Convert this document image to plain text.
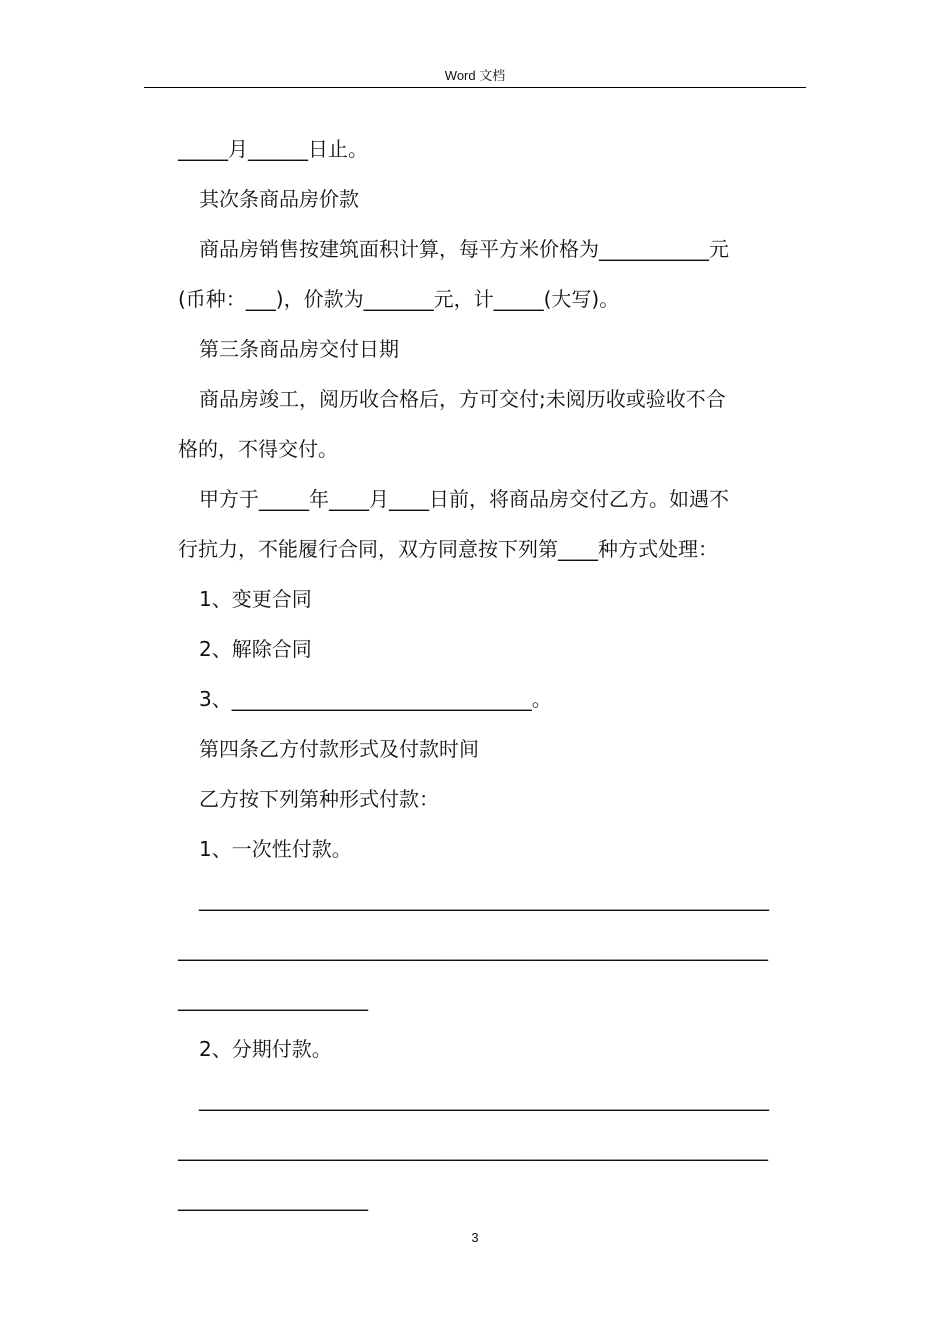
Word 文档
_____月______日止。
其次条商品房价款
商品房销售按建筑面积计算，每平方米价格为___________元
(币种：___)，价款为_______元，计_____(大写)。
第三条商品房交付日期
商品房竣工，阅历收合格后，方可交付;未阅历收或验收不合
格的，不得交付。
甲方于_____年____月____日前，将商品房交付乙方。如遇不
行抗力，不能履行合同，双方同意按下列第____种方式处理：
1、变更合同
2、解除合同
3、______________________________。
第四条乙方付款形式及付款时间
乙方按下列第种形式付款：
1、一次性付款。
_________________________________________________________
___________________________________________________________
___________________
2、分期付款。
_________________________________________________________
___________________________________________________________
___________________
3
